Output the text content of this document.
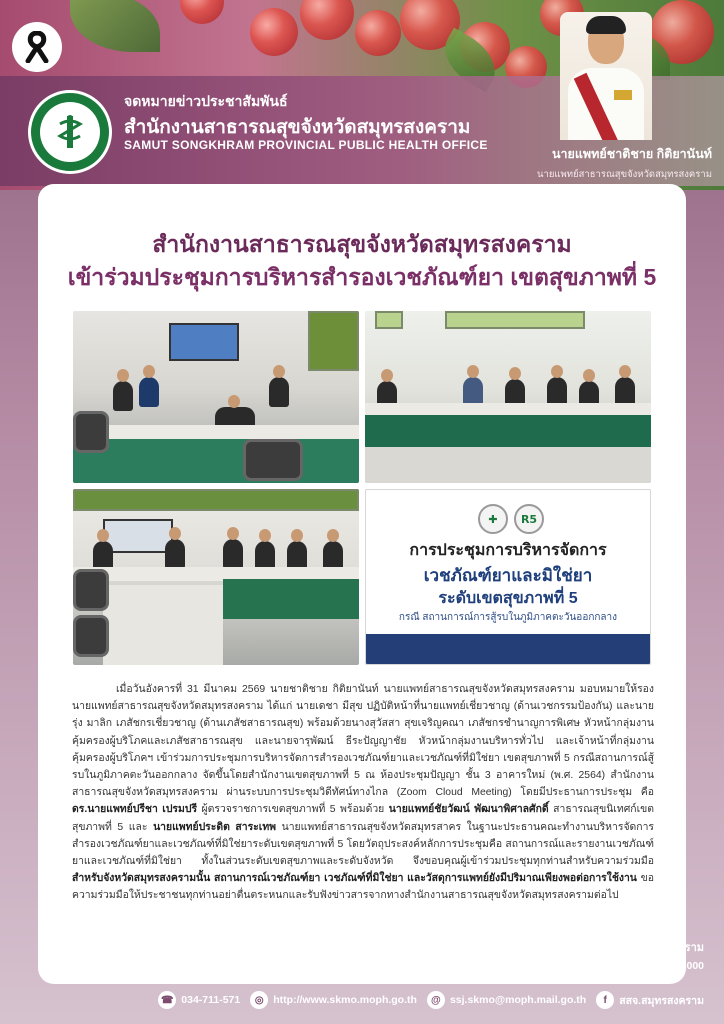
จดหมายข่าวประชาสัมพันธ์
สำนักงานสาธารณสุขจังหวัดสมุทรสงคราม
SAMUT SONGKHRAM PROVINCIAL PUBLIC HEALTH OFFICE
นายแพทย์ชาติชาย กิติยานันท์
นายแพทย์สาธารณสุขจังหวัดสมุทรสงคราม
สำนักงานสาธารณสุขจังหวัดสมุทรสงคราม
เข้าร่วมประชุมการบริหารสำรองเวชภัณฑ์ยา เขตสุขภาพที่ 5
✚	R5
การประชุมการบริหารจัดการ
เวชภัณฑ์ยาและมิใช่ยา
ระดับเขตสุขภาพที่ 5
กรณี สถานการณ์การสู้รบในภูมิภาคตะวันออกกลาง
เมื่อวันอังคารที่ 31 มีนาคม 2569 นายชาติชาย กิติยานันท์ นายแพทย์สาธารณสุขจังหวัดสมุทรสงคราม มอบหมายให้รองนายแพทย์สาธารณสุขจังหวัดสมุทรสงคราม ได้แก่ นายเดชา มีสุข ปฏิบัติหน้าที่นายแพทย์เชี่ยวชาญ (ด้านเวชกรรมป้องกัน) และนายรุ่ง มาลิก เภสัชกรเชี่ยวชาญ (ด้านเภสัชสาธารณสุข) พร้อมด้วยนางสุวัสสา สุขเจริญคณา เภสัชกรชำนาญการพิเศษ หัวหน้ากลุ่มงานคุ้มครองผู้บริโภคและเภสัชสาธารณสุข และนายจารุพัฒน์ ธีระปัญญาชัย หัวหน้ากลุ่มงานบริหารทั่วไป และเจ้าหน้าที่กลุ่มงานคุ้มครองผู้บริโภคฯ เข้าร่วมการประชุมการบริหารจัดการสำรองเวชภัณฑ์ยาและเวชภัณฑ์ที่มิใช่ยา เขตสุขภาพที่ 5 กรณีสถานการณ์สู้รบในภูมิภาคตะวันออกกลาง จัดขึ้นโดยสำนักงานเขตสุขภาพที่ 5 ณ ห้องประชุมปัญญา ชั้น 3 อาคารใหม่ (พ.ศ. 2564) สำนักงานสาธารณสุขจังหวัดสมุทรสงคราม ผ่านระบบการประชุมวิดีทัศน์ทางไกล (Zoom Cloud Meeting) โดยมีประธานการประชุม คือ ดร.นายแพทย์ปรีชา เปรมปรี ผู้ตรวจราชการเขตสุขภาพที่ 5 พร้อมด้วย นายแพทย์ชัยวัฒน์ พัฒนาพิศาลศักดิ์ สาธารณสุขนิเทศก์เขตสุขภาพที่ 5 และ นายแพทย์ประดิต สาระเทพ นายแพทย์สาธารณสุขจังหวัดสมุทรสาคร ในฐานะประธานคณะทำงานบริหารจัดการสำรองเวชภัณฑ์ยาและเวชภัณฑ์ที่มิใช่ยาระดับเขตสุขภาพที่ 5 โดยวัตถุประสงค์หลักการประชุมคือ สถานการณ์และรายงานเวชภัณฑ์ยาและเวชภัณฑ์ที่มิใช่ยา ทั้งในส่วนระดับเขตสุขภาพและระดับจังหวัด จึงขอบคุณผู้เข้าร่วมประชุมทุกท่านสำหรับความร่วมมือ สำหรับจังหวัดสมุทรสงครามนั้น สถานการณ์เวชภัณฑ์ยา เวชภัณฑ์ที่มิใช่ยา และวัสดุการแพทย์ยังมีปริมาณเพียงพอต่อการใช้งาน ขอความร่วมมือให้ประชาชนทุกท่านอย่าตื่นตระหนกและรับฟังข่าวสารจากทางสำนักงานสาธารณสุขจังหวัดสมุทรสงครามต่อไป
สำนักงานสาธารณสุขจังหวัดสมุทรสงคราม
เลขที่ 202 หมู่ที่ 3 ถนนเอกชัย ตำบลลาดใหญ่ อำเภอเมืองสมุทรสงคราม จังหวัดสมุทรสงคราม รหัสไปรษณีย์ 75000
☎ 034-711-571	◎ http://www.skmo.moph.go.th	@ ssj.skmo@moph.mail.go.th	f	สสจ.สมุทรสงคราม
